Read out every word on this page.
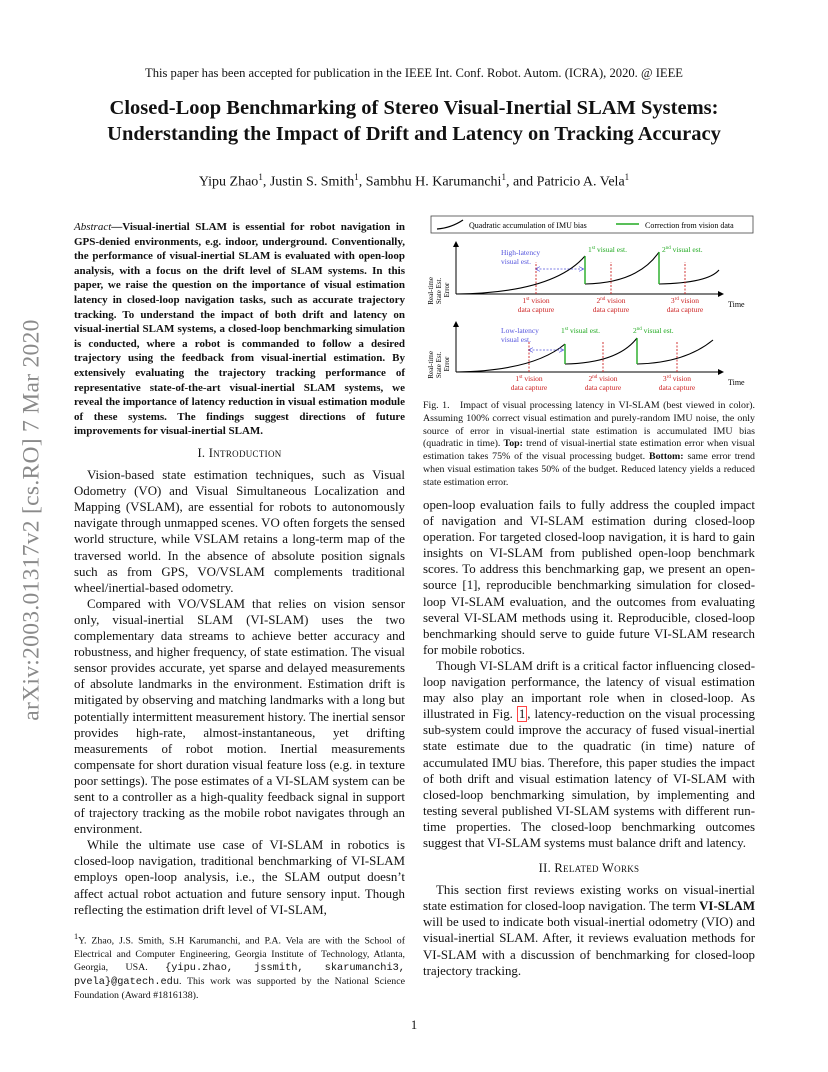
This paper has been accepted for publication in the IEEE Int. Conf. Robot. Autom. (ICRA), 2020. @ IEEE
Closed-Loop Benchmarking of Stereo Visual-Inertial SLAM Systems:
Understanding the Impact of Drift and Latency on Tracking Accuracy
Yipu Zhao$^1$, Justin S. Smith$^1$, Sambhu H. Karumanchi$^1$, and Patricio A. Vela$^1$
arXiv:2003.01317v2 [cs.RO] 7 Mar 2020
Abstract—Visual-inertial SLAM is essential for robot navigation in GPS-denied environments, e.g. indoor, underground. Conventionally, the performance of visual-inertial SLAM is evaluated with open-loop analysis, with a focus on the drift level of SLAM systems. In this paper, we raise the question on the importance of visual estimation latency in closed-loop navigation tasks, such as accurate trajectory tracking. To understand the impact of both drift and latency on visual-inertial SLAM systems, a closed-loop benchmarking simulation is conducted, where a robot is commanded to follow a desired trajectory using the feedback from visual-inertial estimation. By extensively evaluating the trajectory tracking performance of representative state-of-the-art visual-inertial SLAM systems, we reveal the importance of latency reduction in visual estimation module of these systems. The findings suggest directions of future improvements for visual-inertial SLAM.
I. Introduction

Vision-based state estimation techniques, such as Visual Odometry (VO) and Visual Simultaneous Localization and Mapping (VSLAM), are essential for robots to autonomously navigate through unmapped scenes. VO often forgets the sensed world structure, while VSLAM retains a long-term map of the traversed world. In the absence of absolute position signals such as from GPS, VO/VSLAM complements traditional wheel/inertial-based odometry.

Compared with VO/VSLAM that relies on vision sensor only, visual-inertial SLAM (VI-SLAM) uses the two complementary data streams to achieve better accuracy and robustness, and higher frequency, of state estimation. The visual sensor provides accurate, yet sparse and delayed measurements of absolute landmarks in the environment. Estimation drift is mitigated by observing and matching landmarks with a long but potentially intermittent measurement history. The inertial sensor provides high-rate, almost-instantaneous, yet drifting measurements of robot motion. Inertial measurements compensate for short duration visual feature loss (e.g. in texture poor settings). The pose estimates of a VI-SLAM system can be sent to a controller as a high-quality feedback signal in support of trajectory tracking as the mobile robot navigates through an environment.

While the ultimate use case of VI-SLAM in robotics is closed-loop navigation, traditional benchmarking of VI-SLAM employs open-loop analysis, i.e., the SLAM output doesn’t affect actual robot actuation and future sensory input. Though reflecting the estimation drift level of VI-SLAM,

$^1$Y. Zhao, J.S. Smith, S.H Karumanchi, and P.A. Vela are with the School of Electrical and Computer Engineering, Georgia Institute of Technology, Atlanta, Georgia, USA. {yipu.zhao, jssmith, skarumanchi3, pvela}@gatech.edu. This work was supported by the National Science Foundation (Award #1816138).
Quadratic accumulation of IMU bias	Correction from vision data
Real-time State Est. Error
Time
High-latency visual est.
1st visual est.	2nd visual est.
1st vision data capture
2nd vision data capture
3rd vision data capture
Real-time State Est. Error
Time
Low-latency visual est.
1st visual est.	2nd visual est.
1st vision data capture
2nd vision data capture
3rd vision data capture
Fig. 1. Impact of visual processing latency in VI-SLAM (best viewed in color). Assuming 100% correct visual estimation and purely-random IMU noise, the only source of error in visual-inertial state estimation is accumulated IMU bias (quadratic in time). Top: trend of visual-inertial state estimation error when visual estimation takes 75% of the visual processing budget. Bottom: same error trend when visual estimation takes 50% of the budget. Reduced latency yields a reduced state estimation error.

open-loop evaluation fails to fully address the coupled impact of navigation and VI-SLAM estimation during closed-loop operation. For targeted closed-loop navigation, it is hard to gain insights on VI-SLAM from published open-loop benchmark scores. To address this benchmarking gap, we present an open-source [1], reproducible benchmarking simulation for closed-loop VI-SLAM evaluation, and the outcomes from evaluating several VI-SLAM methods using it. Reproducible, closed-loop benchmarking should serve to guide future VI-SLAM research for mobile robotics.

Though VI-SLAM drift is a critical factor influencing closed-loop navigation performance, the latency of visual estimation may also play an important role when in closed-loop. As illustrated in Fig. 1 , latency-reduction on the visual processing sub-system could improve the accuracy of fused visual-inertial state estimate due to the quadratic (in time) nature of accumulated IMU bias. Therefore, this paper studies the impact of both drift and visual estimation latency of VI-SLAM with closed-loop benchmarking simulation, by implementing and testing several published VI-SLAM systems with different run-time properties. The closed-loop benchmarking outcomes suggest that VI-SLAM systems must balance drift and latency.

II. Related Works

This section first reviews existing works on visual-inertial state estimation for closed-loop navigation. The term VI-SLAM will be used to indicate both visual-inertial odometry (VIO) and visual-inertial SLAM. After, it reviews evaluation methods for VI-SLAM with a discussion of benchmarking for closed-loop trajectory tracking.

1
